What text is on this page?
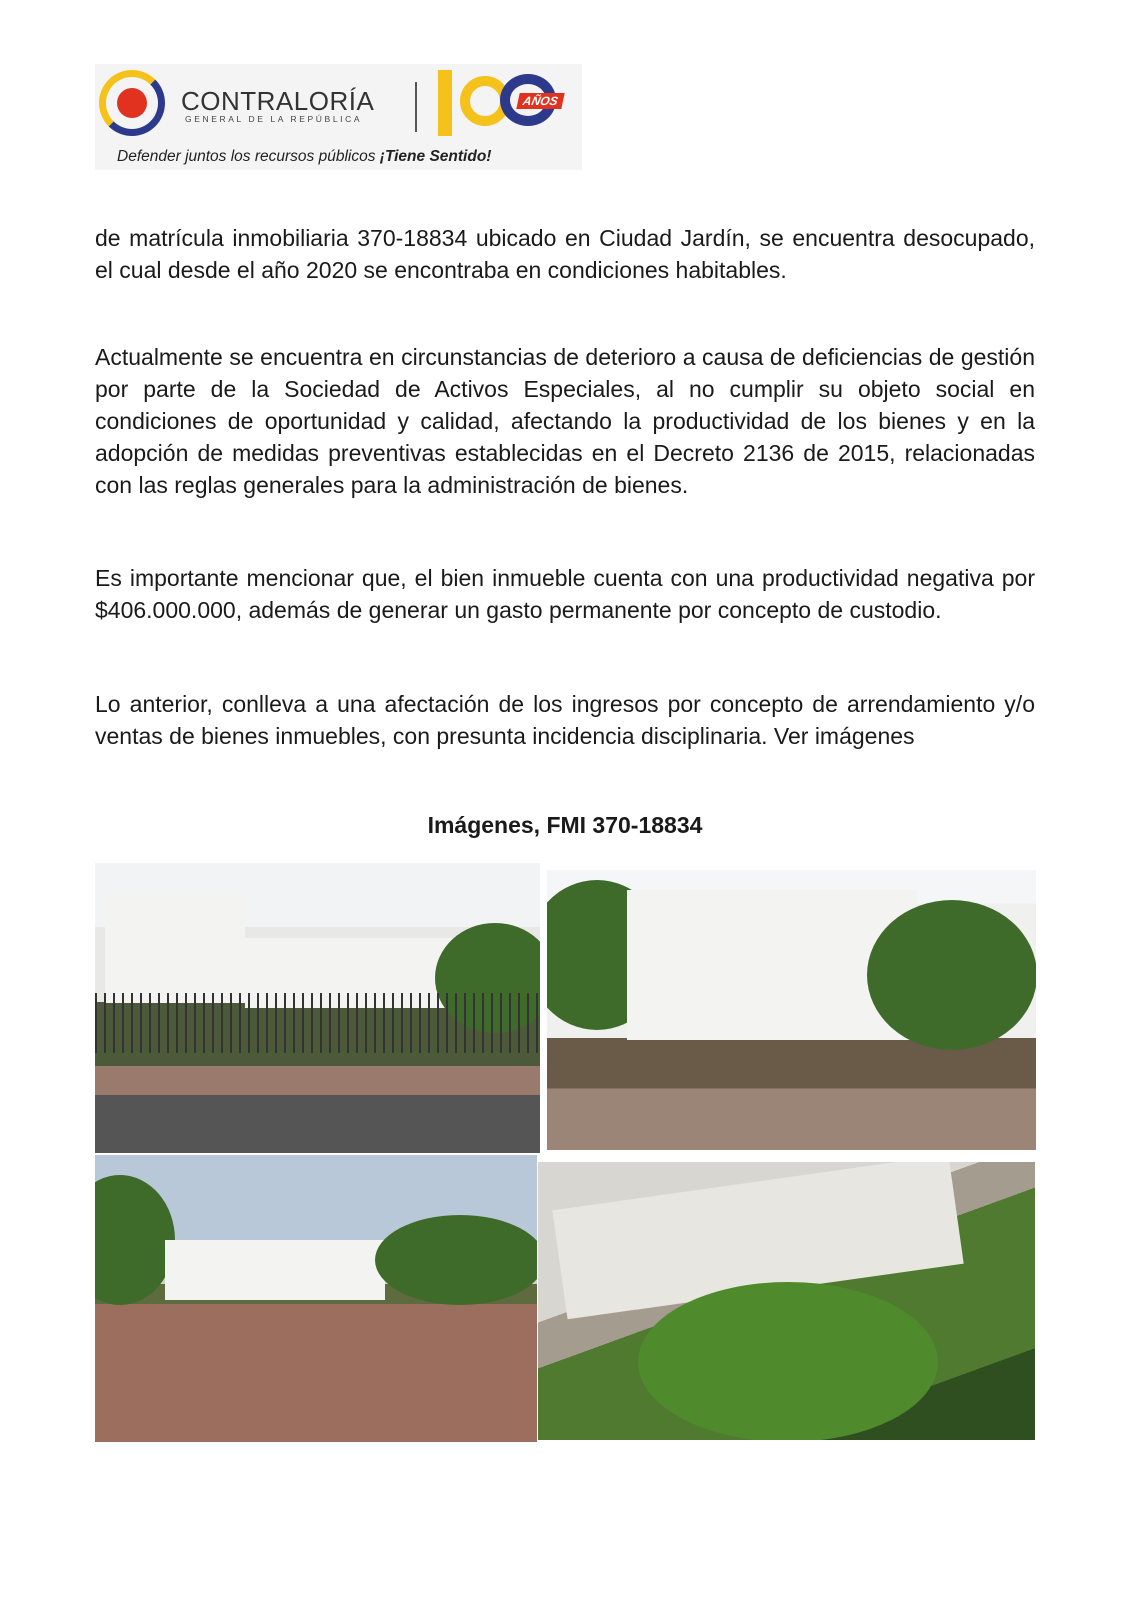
CONTRALORÍA
GENERAL DE LA REPÚBLICA
AÑOS
Defender juntos los recursos públicos ¡Tiene Sentido!

de matrícula inmobiliaria 370-18834 ubicado en Ciudad Jardín, se encuentra desocupado, el cual desde el año 2020 se encontraba en condiciones habitables.

Actualmente se encuentra en circunstancias de deterioro a causa de deficiencias de gestión por parte de la Sociedad de Activos Especiales, al no cumplir su objeto social en condiciones de oportunidad y calidad, afectando la productividad de los bienes y en la adopción de medidas preventivas establecidas en el Decreto 2136 de 2015, relacionadas con las reglas generales para la administración de bienes.

Es importante mencionar que, el bien inmueble cuenta con una productividad negativa por $406.000.000, además de generar un gasto permanente por concepto de custodio.

Lo anterior, conlleva a una afectación de los ingresos por concepto de arrendamiento y/o ventas de bienes inmuebles, con presunta incidencia disciplinaria. Ver imágenes

Imágenes, FMI 370-18834
